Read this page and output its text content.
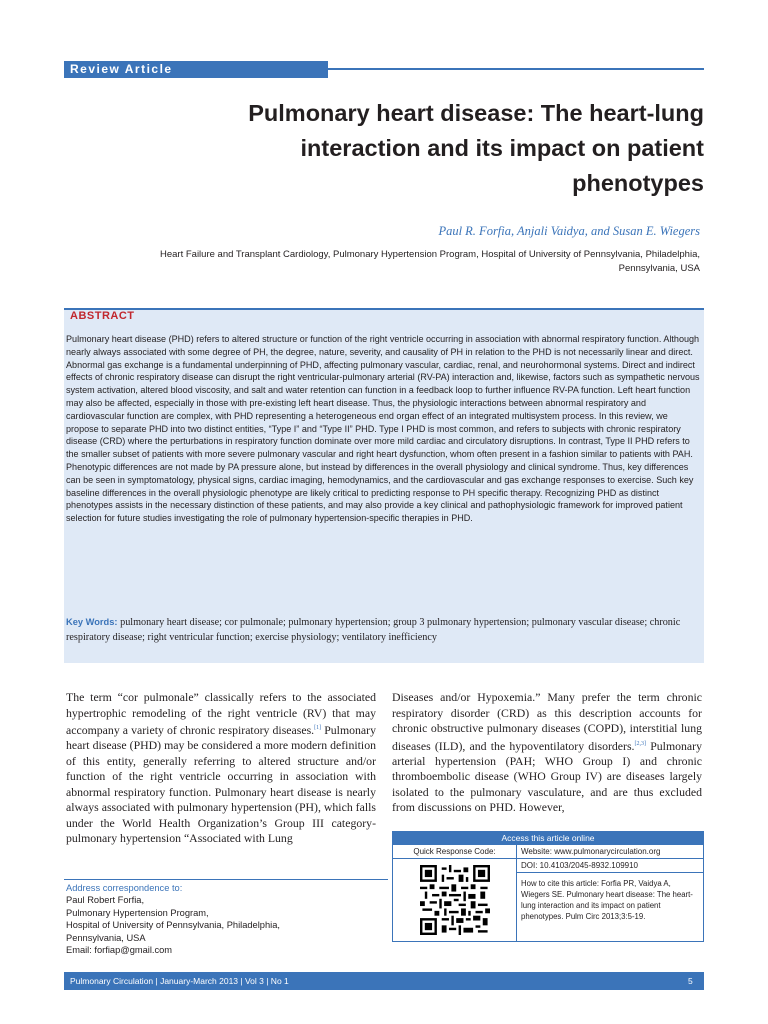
Review Article
Pulmonary heart disease: The heart-lung
interaction and its impact on patient
phenotypes
Paul R. Forfia, Anjali Vaidya, and Susan E. Wiegers
Heart Failure and Transplant Cardiology, Pulmonary Hypertension Program, Hospital of University of Pennsylvania, Philadelphia,
Pennsylvania, USA
ABSTRACT
Pulmonary heart disease (PHD) refers to altered structure or function of the right ventricle occurring in association with abnormal respiratory function. Although nearly always associated with some degree of PH, the degree, nature, severity, and causality of PH in relation to the PHD is not necessarily linear and direct. Abnormal gas exchange is a fundamental underpinning of PHD, affecting pulmonary vascular, cardiac, renal, and neurohormonal systems. Direct and indirect effects of chronic respiratory disease can disrupt the right ventricular-pulmonary arterial (RV-PA) interaction and, likewise, factors such as sympathetic nervous system activation, altered blood viscosity, and salt and water retention can function in a feedback loop to further influence RV-PA function. Left heart function may also be affected, especially in those with pre-existing left heart disease. Thus, the physiologic interactions between abnormal respiratory and cardiovascular function are complex, with PHD representing a heterogeneous end organ effect of an integrated multisystem process. In this review, we propose to separate PHD into two distinct entities, “Type I” and “Type II” PHD. Type I PHD is most common, and refers to subjects with chronic respiratory disease (CRD) where the perturbations in respiratory function dominate over more mild cardiac and circulatory disruptions. In contrast, Type II PHD refers to the smaller subset of patients with more severe pulmonary vascular and right heart dysfunction, whom often present in a fashion similar to patients with PAH. Phenotypic differences are not made by PA pressure alone, but instead by differences in the overall physiology and clinical syndrome. Thus, key differences can be seen in symptomatology, physical signs, cardiac imaging, hemodynamics, and the cardiovascular and gas exchange responses to exercise. Such key baseline differences in the overall physiologic phenotype are likely critical to predicting response to PH specific therapy. Recognizing PHD as distinct phenotypes assists in the necessary distinction of these patients, and may also provide a key clinical and pathophysiologic framework for improved patient selection for future studies investigating the role of pulmonary hypertension-specific therapies in PHD.
Key Words: pulmonary heart disease; cor pulmonale; pulmonary hypertension; group 3 pulmonary hypertension; pulmonary vascular disease; chronic respiratory disease; right ventricular function; exercise physiology; ventilatory inefficiency

The term “cor pulmonale” classically refers to the associated hypertrophic remodeling of the right ventricle (RV) that may accompany a variety of chronic respiratory diseases.[1] Pulmonary heart disease (PHD) may be considered a more modern definition of this entity, generally referring to altered structure and/or function of the right ventricle occurring in association with abnormal respiratory function. Pulmonary heart disease is nearly always associated with pulmonary hypertension (PH), which falls under the World Health Organization’s Group III category-pulmonary hypertension “Associated with Lung

Diseases and/or Hypoxemia.” Many prefer the term chronic respiratory disorder (CRD) as this description accounts for chronic obstructive pulmonary diseases (COPD), interstitial lung diseases (ILD), and the hypoventilatory disorders.[2,3] Pulmonary arterial hypertension (PAH; WHO Group I) and chronic thromboembolic disease (WHO Group IV) are diseases largely isolated to the pulmonary vasculature, and are thus excluded from discussions on PHD. However,

Address correspondence to:
Paul Robert Forfia,
Pulmonary Hypertension Program,
Hospital of University of Pennsylvania, Philadelphia,
Pennsylvania, USA
Email: forfiap@gmail.com
Access this article online
Quick Response Code:	Website: www.pulmonarycirculation.org
DOI: 10.4103/2045-8932.109910
How to cite this article: Forfia PR, Vaidya A, Wiegers SE. Pulmonary heart disease: The heart-lung interaction and its impact on patient phenotypes. Pulm Circ 2013;3:5-19.
Pulmonary Circulation | January-March 2013 | Vol 3 | No 1	5
